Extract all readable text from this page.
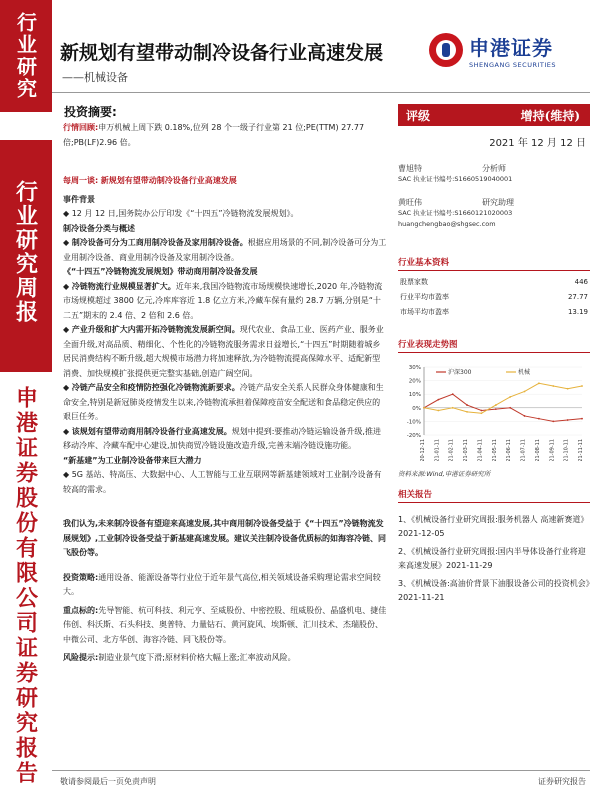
行业研究
行业研究周报
申港证券股份有限公司证券研究报告
新规划有望带动制冷设备行业高速发展
——机械设备
申港证券
SHENGANG SECURITIES
投资摘要:

行情回顾:申万机械上周下跌 0.18%,位列 28 个一级子行业第 21 位;PE(TTM) 27.77 倍;PB(LF)2.96 倍。

每周一谈: 新规划有望带动制冷设备行业高速发展

事件背景

◆ 12 月 12 日,国务院办公厅印发《“十四五”冷链物流发展规划》。

制冷设备分类与概述

◆ 制冷设备可分为工商用制冷设备及家用制冷设备。根据应用场景的不同,制冷设备可分为工业用制冷设备、商业用制冷设备及家用制冷设备。

《“十四五”冷链物流发展规划》带动商用制冷设备发展

◆ 冷链物流行业规模显著扩大。近年来,我国冷链物流市场规模快速增长,2020 年,冷链物流市场规模超过 3800 亿元,冷库库容近 1.8 亿立方米,冷藏车保有量约 28.7 万辆,分别是“十二五”期末的 2.4 倍、2 倍和 2.6 倍。

◆ 产业升级和扩大内需开拓冷链物流发展新空间。现代农业、食品工业、医药产业、服务业全面升级,对高品质、精细化、个性化的冷链物流服务需求日益增长,“十四五”时期随着城乡居民消费结构不断升级,超大规模市场潜力将加速释放,为冷链物流提高保障水平、适配新型消费、加快规模扩张提供更完整实基础,创造广阔空间。

◆ 冷链产品安全和疫情防控强化冷链物流新要求。冷链产品安全关系人民群众身体健康和生命安全,特别是新冠肺炎疫情发生以来,冷链物流承担着保障疫苗安全配送和食品稳定供应的艰巨任务。

◆ 该规划有望带动商用制冷设备行业高速发展。规划中提到:要推动冷链运输设备升级,推进移动冷库、冷藏车配中心建设,加快商贸冷链设施改造升级,完善末端冷链设施功能。

“新基建”为工业制冷设备带来巨大潜力

◆ 5G 基站、特高压、大数据中心、人工智能与工业互联网等新基建领域对工业制冷设备有较高的需求。

我们认为,未来制冷设备有望迎来高速发展,其中商用制冷设备受益于《“十四五”冷链物流发展规划》,工业制冷设备受益于新基建高速发展。建议关注制冷设备优质标的如海容冷链、同飞股份等。

投资策略:通用设备、能源设备等行业位于近年景气高位,相关领域设备采购理论需求空间较大。

重点标的:先导智能、杭可科技、利元亨、至威股份、中密控股、纽威股份、晶盛机电、捷佳伟创、科沃斯、石头科技、奥普特、力量钻石、黄河旋风、埃斯顿、汇川技术、杰瑞股份、中微公司、北方华创、海容冷链、同飞股份等。

风险提示:制造业景气度下滑;原材料价格大幅上涨;汇率波动风险。

评级	增持(维持)
2021 年 12 月 12 日
曹旭特	分析师
SAC 执业证书编号:S1660519040001
黄旺伟	研究助理
SAC 执业证书编号:S1660121020003
huangchengbao@shgsec.com
行业基本资料
股票家数	446
行业平均市盈率	27.77
市场平均市盈率	13.19
行业表现走势图
-20%
-10%
0%
10%
20%
30%
2020-12-11 2021-01-11 2021-02-11 2021-03-11 2021-04-11 2021-05-11 2021-06-11 2021-07-11 2021-08-11 2021-09-11 2021-10-11 2021-11-11
沪深300	机械
资料来源:Wind,申港证券研究所
相关报告
1、《机械设备行业研究周报:服务机器人 高速新赛道》2021-12-05
2、《机械设备行业研究周报:国内半导体设备行业将迎来高速发展》2021-11-29
3、《机械设备:高油价背景下油服设备公司的投资机会》2021-11-21
敬请参阅最后一页免责声明	证券研究报告
